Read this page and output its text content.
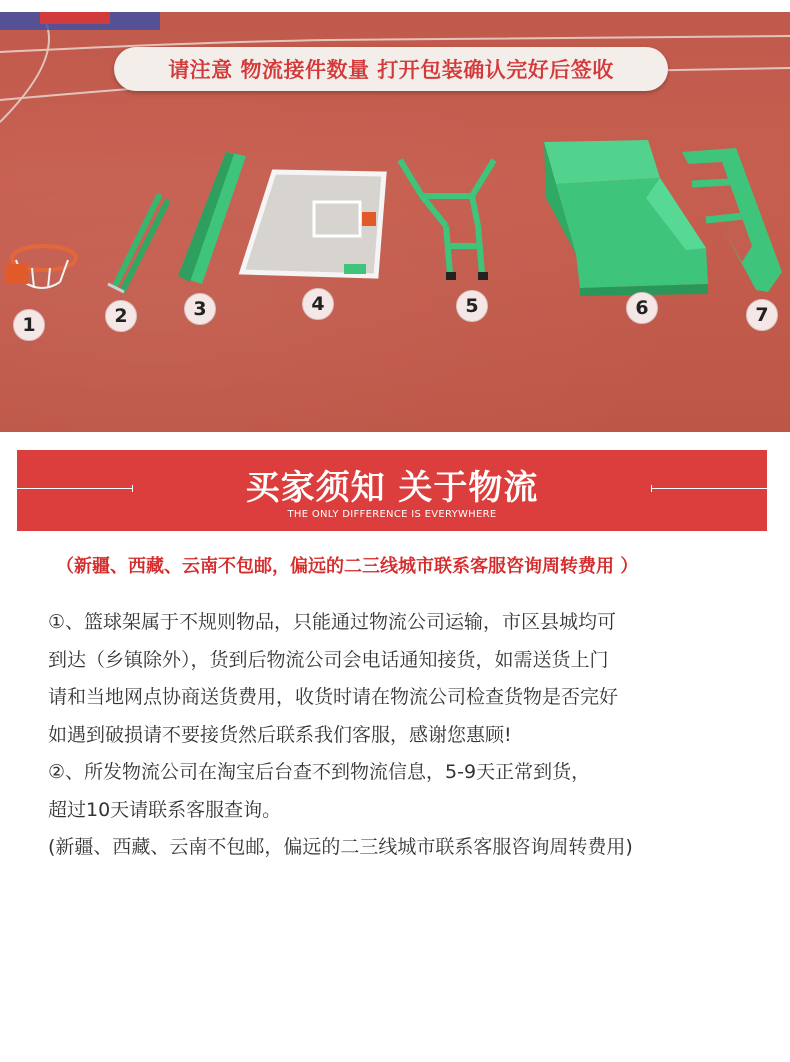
请注意 物流接件数量 打开包装确认完好后签收
1	2	3	4	5	6	7
买家须知 关于物流
THE ONLY DIFFERENCE IS EVERYWHERE
（新疆、西藏、云南不包邮，偏远的二三线城市联系客服咨询周转费用 ）
①、篮球架属于不规则物品，只能通过物流公司运输，市区县城均可
到达（乡镇除外），货到后物流公司会电话通知接货，如需送货上门
请和当地网点协商送货费用，收货时请在物流公司检查货物是否完好
如遇到破损请不要接货然后联系我们客服，感谢您惠顾!
②、所发物流公司在淘宝后台查不到物流信息，5-9天正常到货，
超过10天请联系客服查询。
(新疆、西藏、云南不包邮，偏远的二三线城市联系客服咨询周转费用)
